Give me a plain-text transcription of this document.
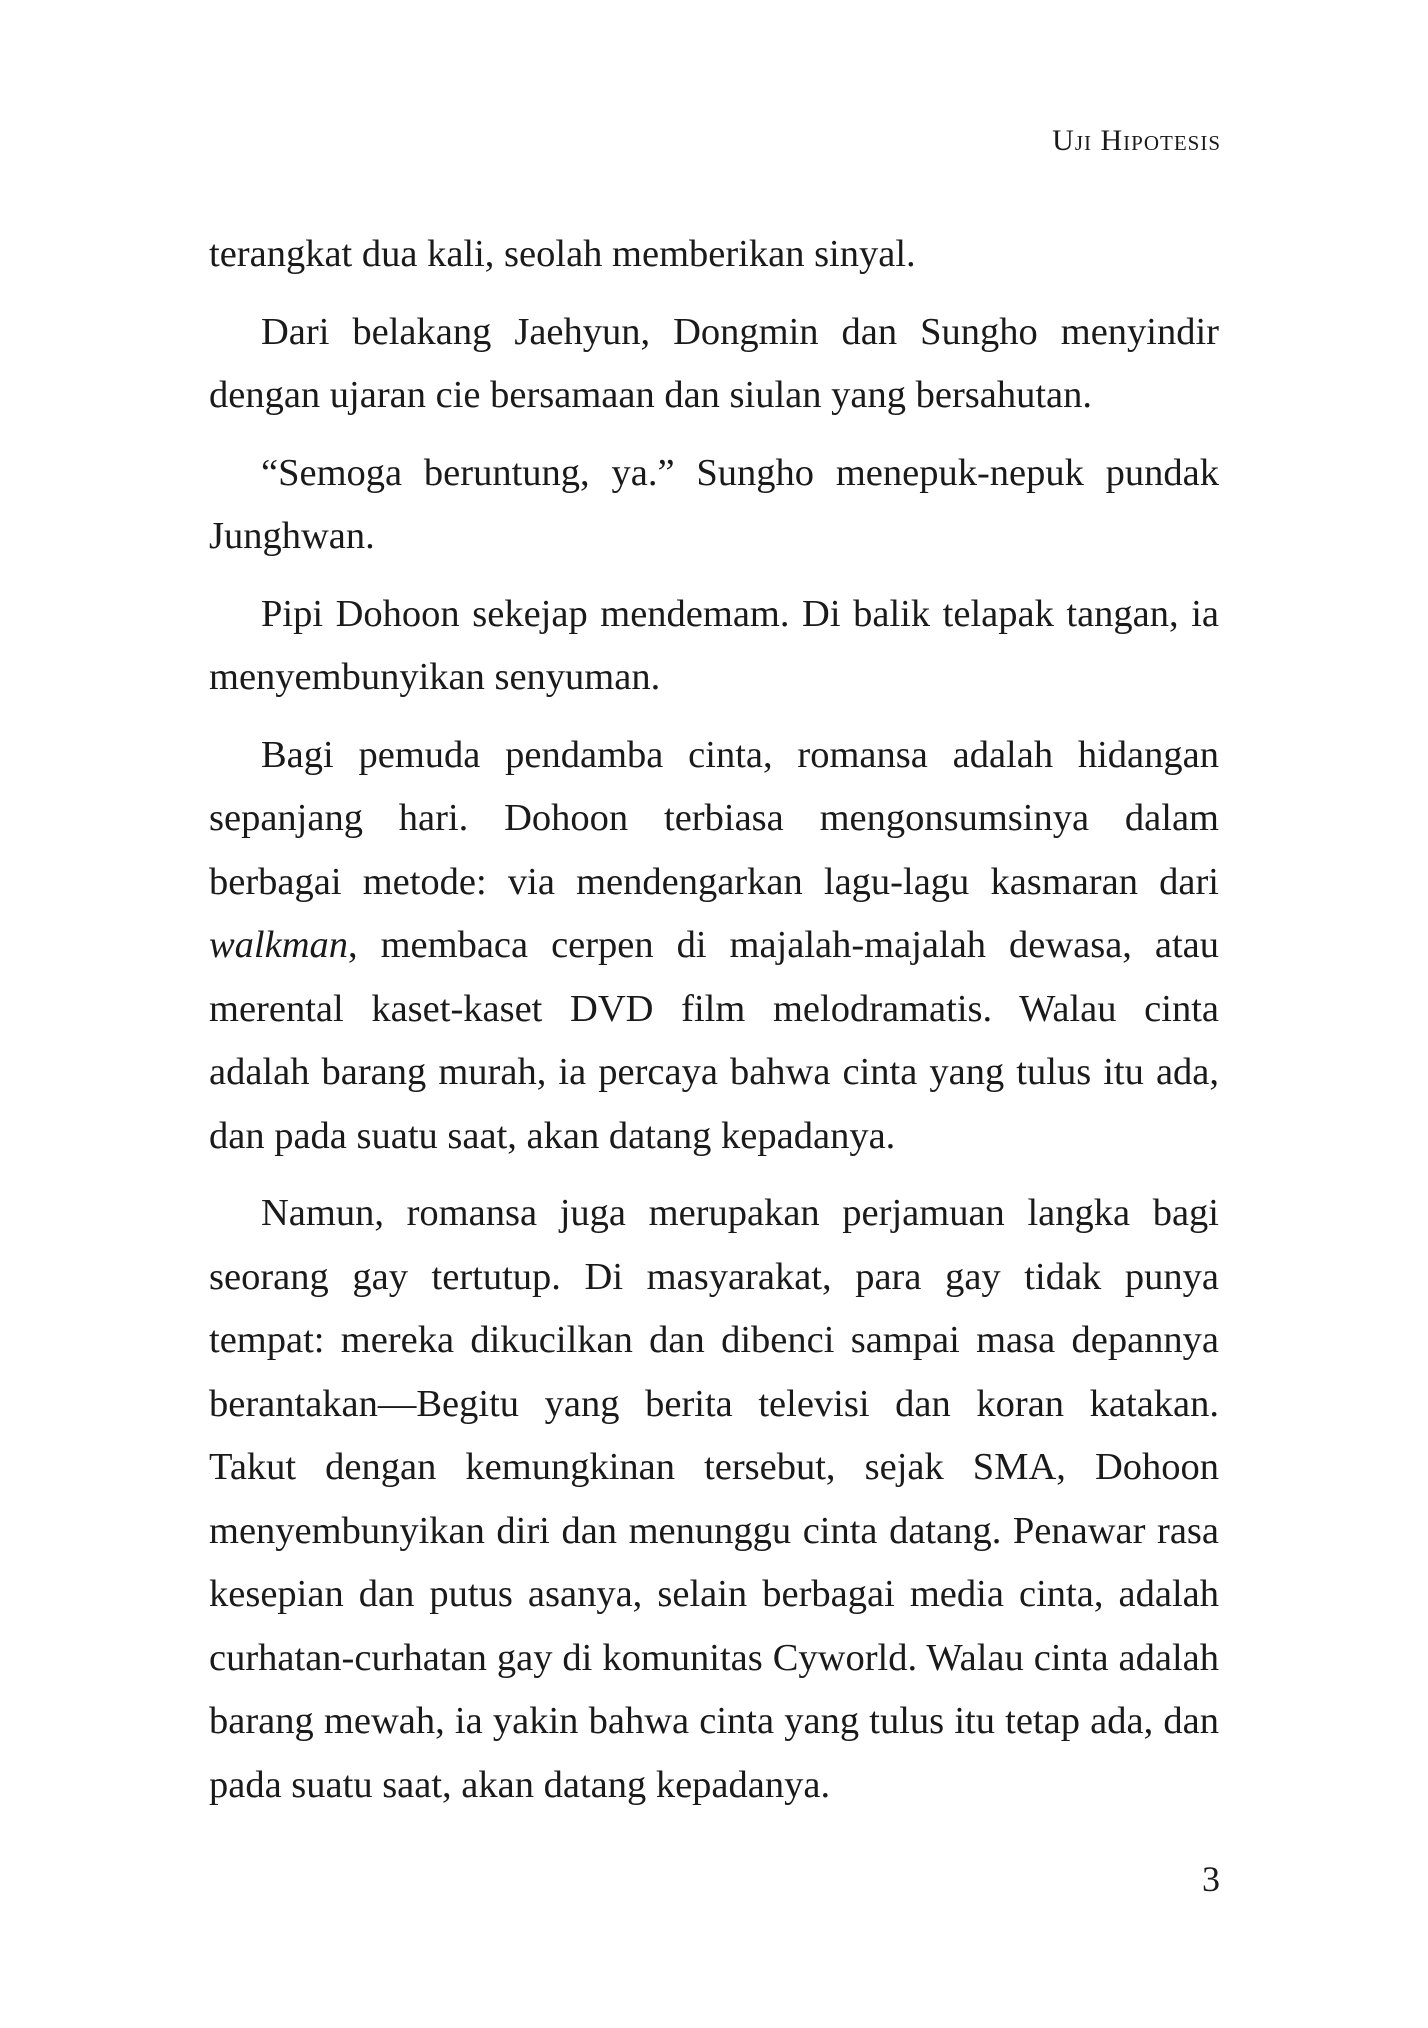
Uji Hipotesis

terangkat dua kali, seolah memberikan sinyal.

Dari belakang Jaehyun, Dongmin dan Sungho menyindir dengan ujaran cie bersamaan dan siulan yang bersahutan.

“Semoga beruntung, ya.” Sungho menepuk-nepuk pundak Junghwan.

Pipi Dohoon sekejap mendemam. Di balik telapak tangan, ia menyembunyikan senyuman.

Bagi pemuda pendamba cinta, romansa adalah hidangan sepanjang hari. Dohoon terbiasa mengonsumsinya dalam berbagai metode: via mendengarkan lagu-lagu kasmaran dari walkman, membaca cerpen di majalah-majalah dewasa, atau merental kaset-kaset DVD film melodramatis. Walau cinta adalah barang murah, ia percaya bahwa cinta yang tulus itu ada, dan pada suatu saat, akan datang kepadanya.

Namun, romansa juga merupakan perjamuan langka bagi seorang gay tertutup. Di masyarakat, para gay tidak punya tempat: mereka dikucilkan dan dibenci sampai masa depannya berantakan—Begitu yang berita televisi dan koran katakan. Takut dengan kemungkinan tersebut, sejak SMA, Dohoon menyembunyikan diri dan menunggu cinta datang. Penawar rasa kesepian dan putus asanya, selain berbagai media cinta, adalah curhatan-curhatan gay di komunitas Cyworld. Walau cinta adalah barang mewah, ia yakin bahwa cinta yang tulus itu tetap ada, dan pada suatu saat, akan datang kepadanya.

3
